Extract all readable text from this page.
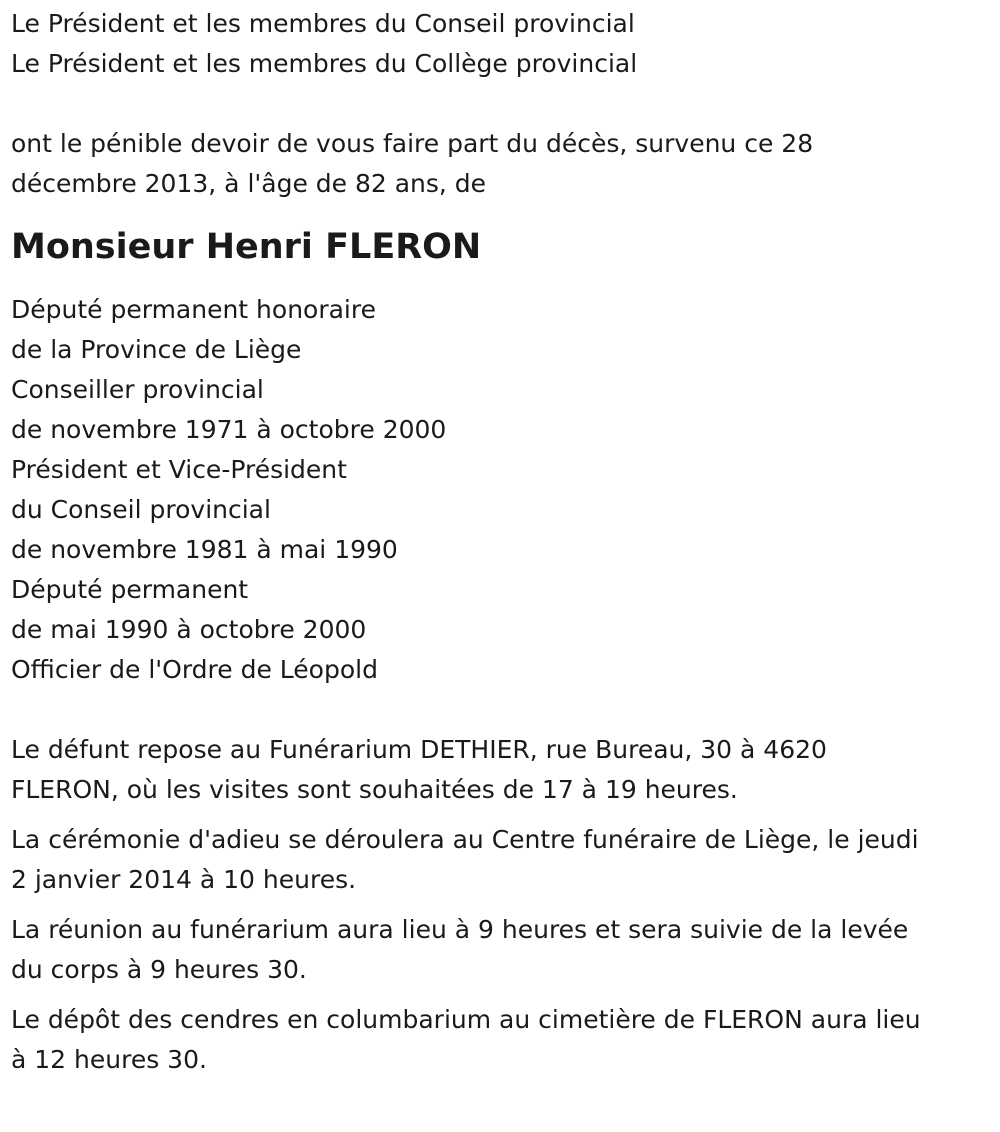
Le Président et les membres du Conseil provincial

Le Président et les membres du Collège provincial

ont le pénible devoir de vous faire part du décès, survenu ce 28

décembre 2013, à l'âge de 82 ans, de

Monsieur Henri FLERON

Député permanent honoraire

de la Province de Liège

Conseiller provincial

de novembre 1971 à octobre 2000

Président et Vice-Président

du Conseil provincial

de novembre 1981 à mai 1990

Député permanent

de mai 1990 à octobre 2000

Officier de l'Ordre de Léopold

Le défunt repose au Funérarium DETHIER, rue Bureau, 30 à 4620

FLERON, où les visites sont souhaitées de 17 à 19 heures.

La cérémonie d'adieu se déroulera au Centre funéraire de Liège, le jeudi

2 janvier 2014 à 10 heures.

La réunion au funérarium aura lieu à 9 heures et sera suivie de la levée

du corps à 9 heures 30.

Le dépôt des cendres en columbarium au cimetière de FLERON aura lieu

à 12 heures 30.
